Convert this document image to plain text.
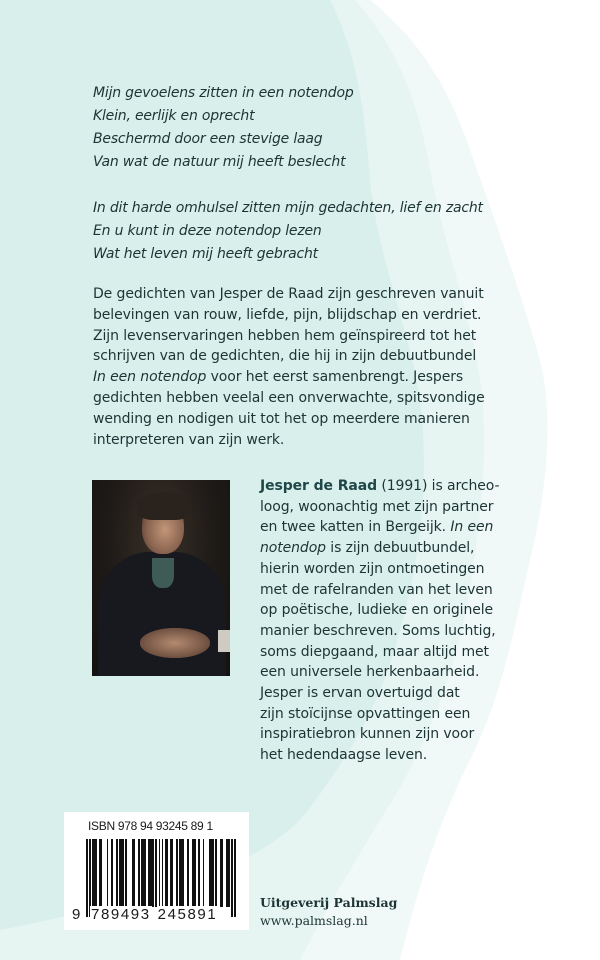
Mijn gevoelens zitten in een notendop
Klein, eerlijk en oprecht
Beschermd door een stevige laag
Van wat de natuur mij heeft beslecht
In dit harde omhulsel zitten mijn gedachten, lief en zacht
En u kunt in deze notendop lezen
Wat het leven mij heeft gebracht
De gedichten van Jesper de Raad zijn geschreven vanuit
belevingen van rouw, liefde, pijn, blijdschap en verdriet.
Zijn levenservaringen hebben hem geïnspireerd tot het
schrijven van de gedichten, die hij in zijn debuutbundel
In een notendop voor het eerst samenbrengt. Jespers
gedichten hebben veelal een onverwachte, spitsvondige
wending en nodigen uit tot het op meerdere manieren
interpreteren van zijn werk.
Jesper de Raad (1991) is archeo-
loog, woonachtig met zijn partner
en twee katten in Bergeijk. In een
notendop is zijn debuutbundel,
hierin worden zijn ontmoetingen
met de rafelranden van het leven
op poëtische, ludieke en originele
manier beschreven. Soms luchtig,
soms diepgaand, maar altijd met
een universele herkenbaarheid.
Jesper is ervan overtuigd dat
zijn stoïcijnse opvattingen een
inspiratiebron kunnen zijn voor
het hedendaagse leven.
ISBN 978 94 93245 89 1
9 789493 245891
Uitgeverij Palmslag
www.palmslag.nl
